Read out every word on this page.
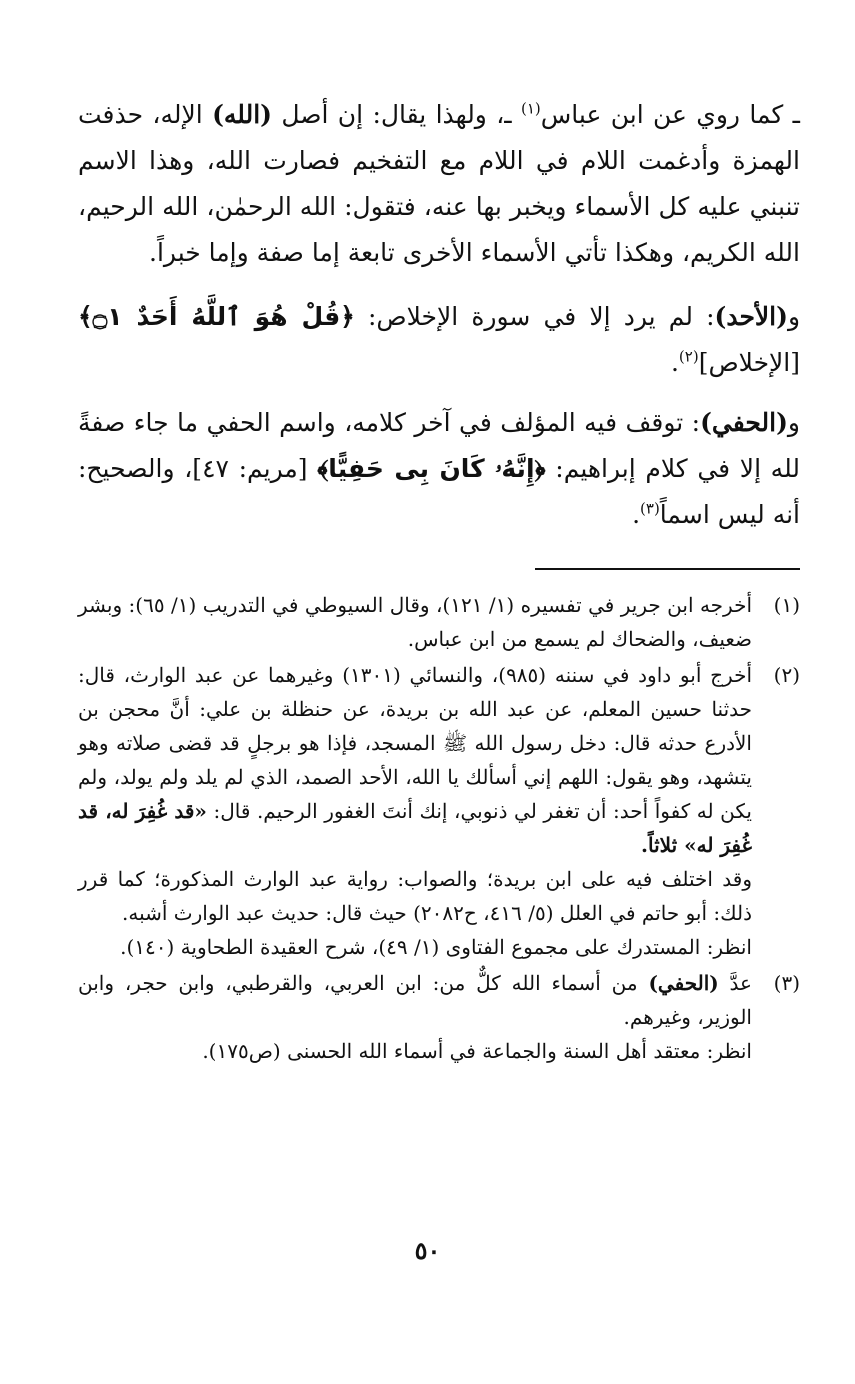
ـ كما روي عن ابن عباس$^{(١)}$ ـ، ولهذا يقال: إن أصل (الله) الإله، حذفت الهمزة وأدغمت اللام في اللام مع التفخيم فصارت الله، وهذا الاسم تنبني عليه كل الأسماء ويخبر بها عنه، فتقول: الله الرحمٰن، الله الرحيم، الله الكريم، وهكذا تأتي الأسماء الأخرى تابعة إما صفة وإما خبراً.

و(الأحد): لم يرد إلا في سورة الإخلاص: ﴿قُلْ هُوَ ٱللَّهُ أَحَدٌ ۝١﴾ [الإخلاص]$^{(٢)}$.

و(الحفي): توقف فيه المؤلف في آخر كلامه، واسم الحفي ما جاء صفةً لله إلا في كلام إبراهيم: ﴿إِنَّهُۥ كَانَ بِى حَفِيًّا﴾ [مريم: ٤٧]، والصحيح: أنه ليس اسماً$^{(٣)}$.

(١)

أخرجه ابن جرير في تفسيره (١/ ١٢١)، وقال السيوطي في التدريب (١/ ٦٥): وبشر ضعيف، والضحاك لم يسمع من ابن عباس.

(٢)

أخرج أبو داود في سننه (٩٨٥)، والنسائي (١٣٠١) وغيرهما عن عبد الوارث، قال: حدثنا حسين المعلم، عن عبد الله بن بريدة، عن حنظلة بن علي: أنَّ محجن بن الأدرع حدثه قال: دخل رسول الله ﷺ المسجد، فإذا هو برجلٍ قد قضى صلاته وهو يتشهد، وهو يقول: اللهم إني أسألك يا الله، الأحد الصمد، الذي لم يلد ولم يولد، ولم يكن له كفواً أحد: أن تغفر لي ذنوبي، إنك أنتَ الغفور الرحيم. قال: «قد غُفِرَ له، قد غُفِرَ له» ثلاثاً.

وقد اختلف فيه على ابن بريدة؛ والصواب: رواية عبد الوارث المذكورة؛ كما قرر ذلك: أبو حاتم في العلل (٥/ ٤١٦، ح٢٠٨٢) حيث قال: حديث عبد الوارث أشبه.

انظر: المستدرك على مجموع الفتاوى (١/ ٤٩)، شرح العقيدة الطحاوية (١٤٠).

(٣)

عدَّ (الحفي) من أسماء الله كلٌّ من: ابن العربي، والقرطبي، وابن حجر، وابن الوزير، وغيرهم.

انظر: معتقد أهل السنة والجماعة في أسماء الله الحسنى (ص١٧٥).

٥٠
